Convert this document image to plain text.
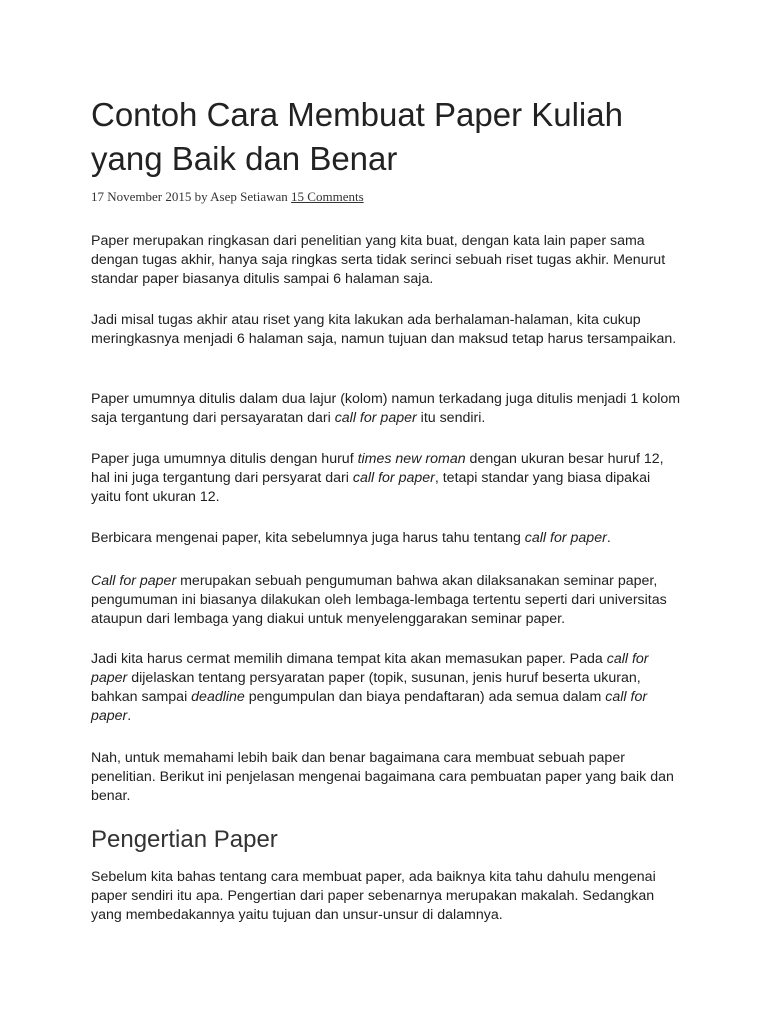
Contoh Cara Membuat Paper Kuliah yang Baik dan Benar
17 November 2015 by Asep Setiawan 15 Comments

Paper merupakan ringkasan dari penelitian yang kita buat, dengan kata lain paper sama dengan tugas akhir, hanya saja ringkas serta tidak serinci sebuah riset tugas akhir. Menurut standar paper biasanya ditulis sampai 6 halaman saja.

Jadi misal tugas akhir atau riset yang kita lakukan ada berhalaman-halaman, kita cukup meringkasnya menjadi 6 halaman saja, namun tujuan dan maksud tetap harus tersampaikan.

Paper umumnya ditulis dalam dua lajur (kolom) namun terkadang juga ditulis menjadi 1 kolom saja tergantung dari persayaratan dari call for paper itu sendiri.

Paper juga umumnya ditulis dengan huruf times new roman dengan ukuran besar huruf 12, hal ini juga tergantung dari persyarat dari call for paper, tetapi standar yang biasa dipakai yaitu font ukuran 12.

Berbicara mengenai paper, kita sebelumnya juga harus tahu tentang call for paper.

Call for paper merupakan sebuah pengumuman bahwa akan dilaksanakan seminar paper, pengumuman ini biasanya dilakukan oleh lembaga-lembaga tertentu seperti dari universitas ataupun dari lembaga yang diakui untuk menyelenggarakan seminar paper.

Jadi kita harus cermat memilih dimana tempat kita akan memasukan paper. Pada call for paper dijelaskan tentang persyaratan paper (topik, susunan, jenis huruf beserta ukuran, bahkan sampai deadline pengumpulan dan biaya pendaftaran) ada semua dalam call for paper.

Nah, untuk memahami lebih baik dan benar bagaimana cara membuat sebuah paper penelitian. Berikut ini penjelasan mengenai bagaimana cara pembuatan paper yang baik dan benar.

Pengertian Paper

Sebelum kita bahas tentang cara membuat paper, ada baiknya kita tahu dahulu mengenai paper sendiri itu apa. Pengertian dari paper sebenarnya merupakan makalah. Sedangkan yang membedakannya yaitu tujuan dan unsur-unsur di dalamnya.
